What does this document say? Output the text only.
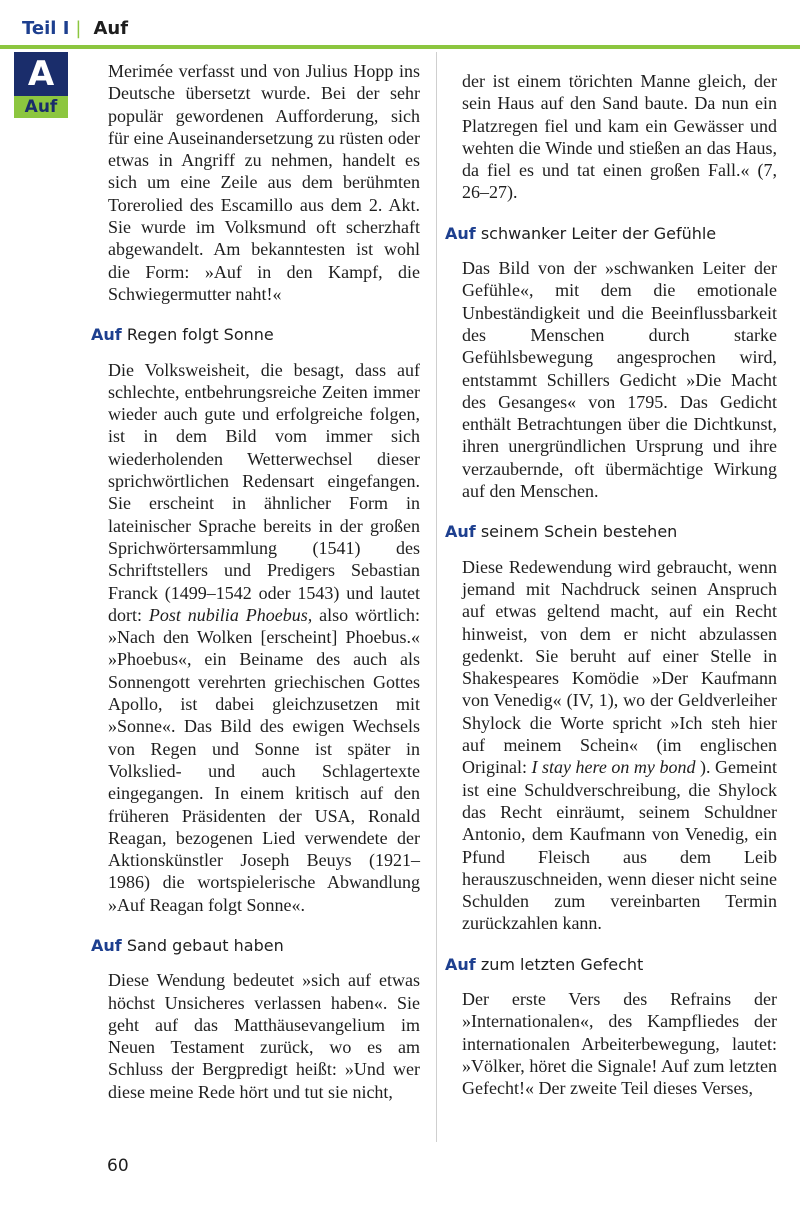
Teil I | Auf
A
Auf

Merimée verfasst und von Julius Hopp ins Deutsche übersetzt wurde. Bei der sehr populär gewordenen Aufforderung, sich für eine Auseinandersetzung zu rüsten oder etwas in Angriff zu nehmen, handelt es sich um eine Zeile aus dem berühmten Torerolied des Escamillo aus dem 2. Akt. Sie wurde im Volksmund oft scherzhaft abgewandelt. Am bekanntesten ist wohl die Form: »Auf in den Kampf, die Schwiegermutter naht!«

Auf Regen folgt Sonne

Die Volksweisheit, die besagt, dass auf schlechte, entbehrungsreiche Zeiten immer wieder auch gute und erfolgreiche folgen, ist in dem Bild vom immer sich wiederholenden Wetterwechsel dieser sprichwörtlichen Redensart eingefangen. Sie erscheint in ähnlicher Form in lateinischer Sprache bereits in der großen Sprichwörtersammlung (1541) des Schriftstellers und Predigers Sebastian Franck (1499–1542 oder 1543) und lautet dort: Post nubilia Phoebus, also wörtlich: »Nach den Wolken [erscheint] Phoebus.« »Phoebus«, ein Beiname des auch als Sonnengott verehrten griechischen Gottes Apollo, ist dabei gleichzusetzen mit »Sonne«. Das Bild des ewigen Wechsels von Regen und Sonne ist später in Volkslied- und auch Schlagertexte eingegangen. In einem kritisch auf den früheren Präsidenten der USA, Ronald Reagan, bezogenen Lied verwendete der Aktionskünstler Joseph Beuys (1921–1986) die wortspielerische Abwandlung »Auf Reagan folgt Sonne«.

Auf Sand gebaut haben

Diese Wendung bedeutet »sich auf etwas höchst Unsicheres verlassen haben«. Sie geht auf das Matthäusevangelium im Neuen Testament zurück, wo es am Schluss der Bergpredigt heißt: »Und wer diese meine Rede hört und tut sie nicht,

der ist einem törichten Manne gleich, der sein Haus auf den Sand baute. Da nun ein Platzregen fiel und kam ein Gewässer und wehten die Winde und stießen an das Haus, da fiel es und tat einen großen Fall.« (7, 26–27).

Auf schwanker Leiter der Gefühle

Das Bild von der »schwanken Leiter der Gefühle«, mit dem die emotionale Unbeständigkeit und die Beeinflussbarkeit des Menschen durch starke Gefühlsbewegung angesprochen wird, entstammt Schillers Gedicht »Die Macht des Gesanges« von 1795. Das Gedicht enthält Betrachtungen über die Dichtkunst, ihren unergründlichen Ursprung und ihre verzaubernde, oft übermächtige Wirkung auf den Menschen.

Auf seinem Schein bestehen

Diese Redewendung wird gebraucht, wenn jemand mit Nachdruck seinen Anspruch auf etwas geltend macht, auf ein Recht hinweist, von dem er nicht abzulassen gedenkt. Sie beruht auf einer Stelle in Shakespeares Komödie »Der Kaufmann von Venedig« (IV, 1), wo der Geldverleiher Shylock die Worte spricht »Ich steh hier auf meinem Schein« (im englischen Original: I stay here on my bond ). Gemeint ist eine Schuldverschreibung, die Shylock das Recht einräumt, seinem Schuldner Antonio, dem Kaufmann von Venedig, ein Pfund Fleisch aus dem Leib herauszuschneiden, wenn dieser nicht seine Schulden zum vereinbarten Termin zurückzahlen kann.

Auf zum letzten Gefecht

Der erste Vers des Refrains der »Internationalen«, des Kampfliedes der internationalen Arbeiterbewegung, lautet: »Völker, höret die Signale! Auf zum letzten Gefecht!« Der zweite Teil dieses Verses,

60
